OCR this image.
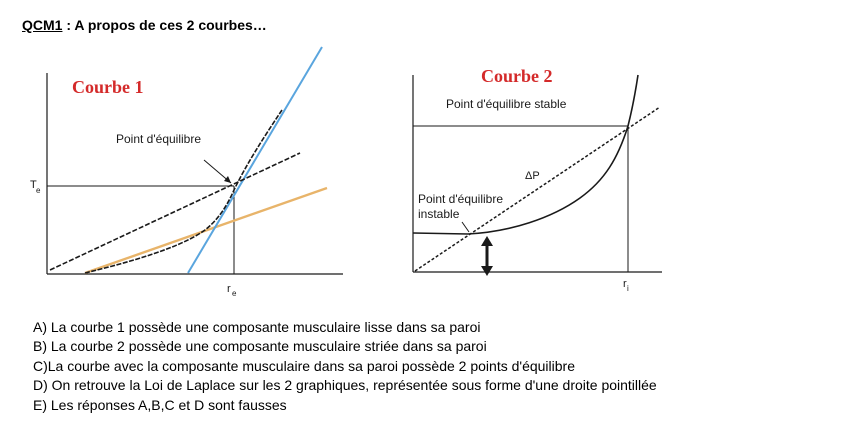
QCM1 : A propos de ces 2 courbes…
Courbe 1
Point d'équilibre
T e
r e
Courbe 2
Point d'équilibre stable
Point d'équilibre
instable
ΔP
r i
A) La courbe 1 possède une composante musculaire lisse dans sa paroi
B) La courbe 2 possède une composante musculaire striée dans sa paroi
C)La courbe avec la composante musculaire dans sa paroi possède 2 points d'équilibre
D) On retrouve la Loi de Laplace sur les 2 graphiques, représentée sous forme d'une droite pointillée
E) Les réponses A,B,C et D sont fausses
